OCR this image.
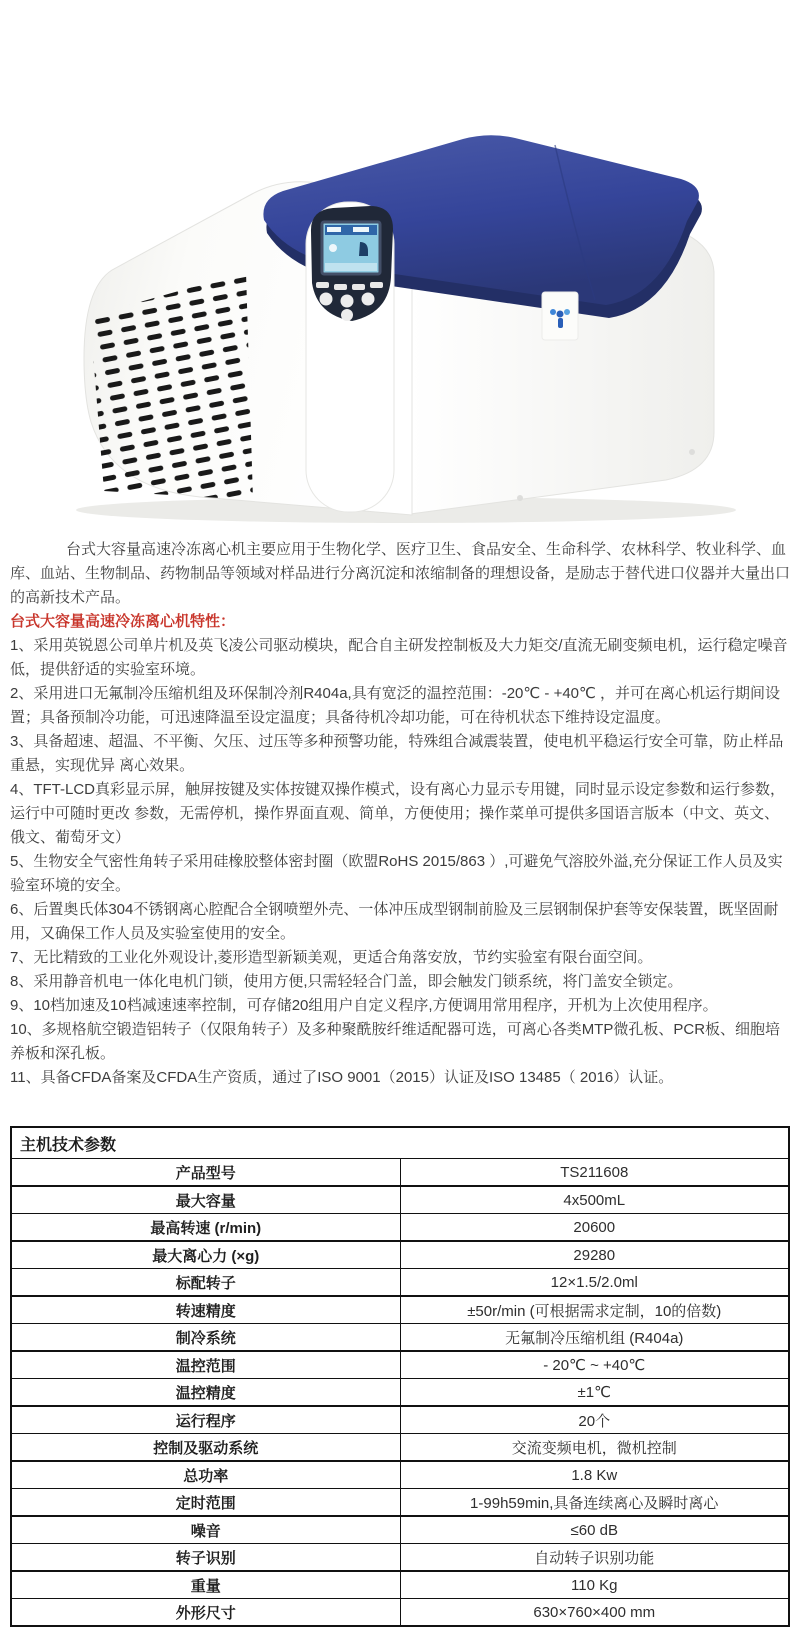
台式大容量高速冷冻离心机主要应用于生物化学、医疗卫生、食品安全、生命科学、农林科学、牧业科学、血库、血站、生物制品、药物制品等领域对样品进行分离沉淀和浓缩制备的理想设备，是励志于替代进口仪器并大量出口的高新技术产品。

台式大容量高速冷冻离心机特性：

1、采用英锐恩公司单片机及英飞凌公司驱动模块，配合自主研发控制板及大力矩交/直流无刷变频电机，运行稳定噪音低，提供舒适的实验室环境。

2、采用进口无氟制冷压缩机组及环保制冷剂R404a,具有宽泛的温控范围：-20℃ - +40℃ ，并可在离心机运行期间设置；具备预制冷功能，可迅速降温至设定温度；具备待机冷却功能，可在待机状态下维持设定温度。

3、具备超速、超温、不平衡、欠压、过压等多种预警功能，特殊组合减震装置，使电机平稳运行安全可靠，防止样品重悬，实现优异 离心效果。

4、TFT-LCD真彩显示屏，触屏按键及实体按键双操作模式，设有离心力显示专用键，同时显示设定参数和运行参数，运行中可随时更改 参数，无需停机，操作界面直观、简单，方便使用；操作菜单可提供多国语言版本（中文、英文、俄文、葡萄牙文）

5、生物安全气密性角转子采用硅橡胶整体密封圈（欧盟RoHS 2015/863 ）,可避免气溶胶外溢,充分保证工作人员及实验室环境的安全。

6、后置奥氏体304不锈钢离心腔配合全钢喷塑外壳、一体冲压成型钢制前脸及三层钢制保护套等安保装置，既坚固耐用，又确保工作人员及实验室使用的安全。

7、无比精致的工业化外观设计,菱形造型新颖美观，更适合角落安放，节约实验室有限台面空间。

8、采用静音机电一体化电机门锁，使用方便,只需轻轻合门盖，即会触发门锁系统，将门盖安全锁定。

9、10档加速及10档减速速率控制，可存储20组用户自定义程序,方便调用常用程序，开机为上次使用程序。

10、多规格航空锻造铝转子（仅限角转子）及多种聚酰胺纤维适配器可选，可离心各类MTP微孔板、PCR板、细胞培养板和深孔板。

11、具备CFDA备案及CFDA生产资质，通过了ISO 9001（2015）认证及ISO 13485（ 2016）认证。

主机技术参数	
产品型号	TS211608
最大容量	4x500mL
最高转速 (r/min)	20600
最大离心力 (×g)	29280
标配转子	12×1.5/2.0ml
转速精度	±50r/min (可根据需求定制，10的倍数)
制冷系统	无氟制冷压缩机组 (R404a)
温控范围	- 20℃ ~ +40℃
温控精度	±1℃
运行程序	20个
控制及驱动系统	交流变频电机，微机控制
总功率	1.8 Kw
定时范围	1-99h59min,具备连续离心及瞬时离心
噪音	≤60 dB
转子识别	自动转子识别功能
重量	110 Kg
外形尺寸	630×760×400 mm
